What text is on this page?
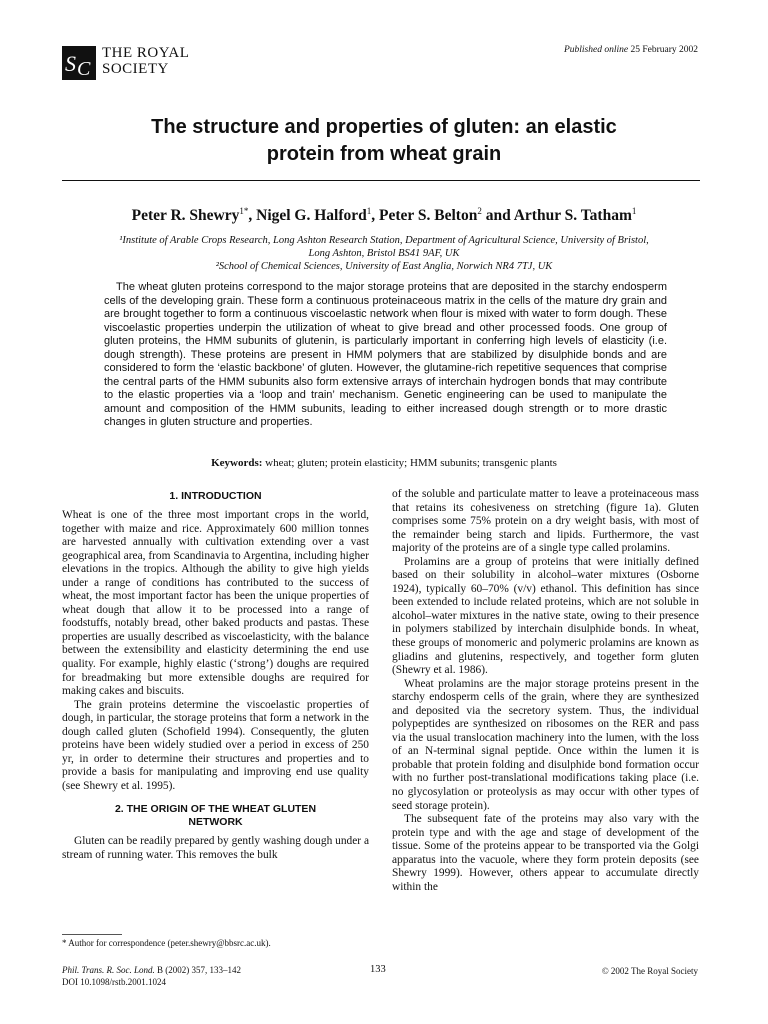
S C
THE ROYAL
SOCIETY
Published online 25 February 2002
The structure and properties of gluten: an elastic
protein from wheat grain
Peter R. Shewry$^{1*}$, Nigel G. Halford$^1$, Peter S. Belton$^2$ and Arthur S. Tatham$^1$
¹Institute of Arable Crops Research, Long Ashton Research Station, Department of Agricultural Science, University of Bristol,
Long Ashton, Bristol BS41 9AF, UK
²School of Chemical Sciences, University of East Anglia, Norwich NR4 7TJ, UK

The wheat gluten proteins correspond to the major storage proteins that are deposited in the starchy endosperm cells of the developing grain. These form a continuous proteinaceous matrix in the cells of the mature dry grain and are brought together to form a continuous viscoelastic network when flour is mixed with water to form dough. These viscoelastic properties underpin the utilization of wheat to give bread and other processed foods. One group of gluten proteins, the HMM subunits of glutenin, is particularly important in conferring high levels of elasticity (i.e. dough strength). These proteins are present in HMM polymers that are stabilized by disulphide bonds and are considered to form the ‘elastic backbone’ of gluten. However, the glutamine-rich repetitive sequences that comprise the central parts of the HMM subunits also form extensive arrays of interchain hydrogen bonds that may contribute to the elastic properties via a ‘loop and train’ mechanism. Genetic engineering can be used to manipulate the amount and composition of the HMM subunits, leading to either increased dough strength or to more drastic changes in gluten structure and properties.

Keywords: wheat; gluten; protein elasticity; HMM subunits; transgenic plants
1. INTRODUCTION

Wheat is one of the three most important crops in the world, together with maize and rice. Approximately 600 million tonnes are harvested annually with cultivation extending over a vast geographical area, from Scandinavia to Argentina, including higher elevations in the tropics. Although the ability to give high yields under a range of conditions has contributed to the success of wheat, the most important factor has been the unique properties of wheat dough that allow it to be processed into a range of foodstuffs, notably bread, other baked products and pastas. These properties are usually described as viscoelasticity, with the balance between the extensibility and elasticity determining the end use quality. For example, highly elastic (‘strong’) doughs are required for breadmaking but more extensible doughs are required for making cakes and biscuits.

The grain proteins determine the viscoelastic properties of dough, in particular, the storage proteins that form a network in the dough called gluten (Schofield 1994). Consequently, the gluten proteins have been widely studied over a period in excess of 250 yr, in order to determine their structures and properties and to provide a basis for manipulating and improving end use quality (see Shewry et al. 1995).

2. THE ORIGIN OF THE WHEAT GLUTEN
NETWORK

Gluten can be readily prepared by gently washing dough under a stream of running water. This removes the bulk

of the soluble and particulate matter to leave a proteinaceous mass that retains its cohesiveness on stretching (figure 1a). Gluten comprises some 75% protein on a dry weight basis, with most of the remainder being starch and lipids. Furthermore, the vast majority of the proteins are of a single type called prolamins.

Prolamins are a group of proteins that were initially defined based on their solubility in alcohol–water mixtures (Osborne 1924), typically 60–70% (v/v) ethanol. This definition has since been extended to include related proteins, which are not soluble in alcohol–water mixtures in the native state, owing to their presence in polymers stabilized by interchain disulphide bonds. In wheat, these groups of monomeric and polymeric prolamins are known as gliadins and glutenins, respectively, and together form gluten (Shewry et al. 1986).

Wheat prolamins are the major storage proteins present in the starchy endosperm cells of the grain, where they are synthesized and deposited via the secretory system. Thus, the individual polypeptides are synthesized on ribosomes on the RER and pass via the usual translocation machinery into the lumen, with the loss of an N-terminal signal peptide. Once within the lumen it is probable that protein folding and disulphide bond formation occur with no further post-translational modifications taking place (i.e. no glycosylation or proteolysis as may occur with other types of seed storage protein).

The subsequent fate of the proteins may also vary with the protein type and with the age and stage of development of the tissue. Some of the proteins appear to be transported via the Golgi apparatus into the vacuole, where they form protein deposits (see Shewry 1999). However, others appear to accumulate directly within the

* Author for correspondence (peter.shewry@bbsrc.ac.uk).
Phil. Trans. R. Soc. Lond. B (2002) 357, 133–142
DOI 10.1098/rstb.2001.1024
133	© 2002 The Royal Society
